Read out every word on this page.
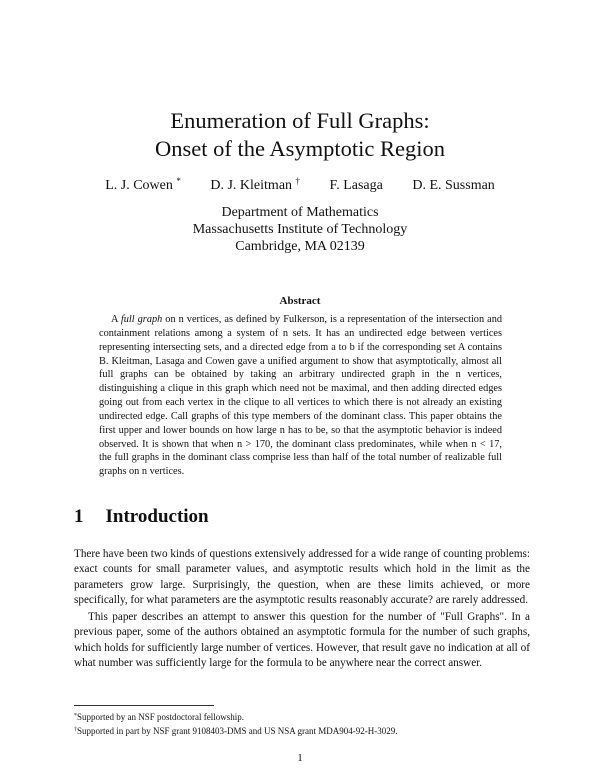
Enumeration of Full Graphs:
Onset of the Asymptotic Region
L. J. Cowen * D. J. Kleitman † F. Lasaga D. E. Sussman
Department of Mathematics
Massachusetts Institute of Technology
Cambridge, MA 02139
Abstract
A full graph on n vertices, as defined by Fulkerson, is a representation of the intersection and containment relations among a system of n sets. It has an undirected edge between vertices representing intersecting sets, and a directed edge from a to b if the corresponding set A contains B. Kleitman, Lasaga and Cowen gave a unified argument to show that asymptotically, almost all full graphs can be obtained by taking an arbitrary undirected graph in the n vertices, distinguishing a clique in this graph which need not be maximal, and then adding directed edges going out from each vertex in the clique to all vertices to which there is not already an existing undirected edge. Call graphs of this type members of the dominant class. This paper obtains the first upper and lower bounds on how large n has to be, so that the asymptotic behavior is indeed observed. It is shown that when n > 170, the dominant class predominates, while when n < 17, the full graphs in the dominant class comprise less than half of the total number of realizable full graphs on n vertices.
1 Introduction
There have been two kinds of questions extensively addressed for a wide range of counting problems: exact counts for small parameter values, and asymptotic results which hold in the limit as the parameters grow large. Surprisingly, the question, when are these limits achieved, or more specifically, for what parameters are the asymptotic results reasonably accurate? are rarely addressed.
This paper describes an attempt to answer this question for the number of "Full Graphs". In a previous paper, some of the authors obtained an asymptotic formula for the number of such graphs, which holds for sufficiently large number of vertices. However, that result gave no indication at all of what number was sufficiently large for the formula to be anywhere near the correct answer.
*Supported by an NSF postdoctoral fellowship.
†Supported in part by NSF grant 9108403-DMS and US NSA grant MDA904-92-H-3029.
1
